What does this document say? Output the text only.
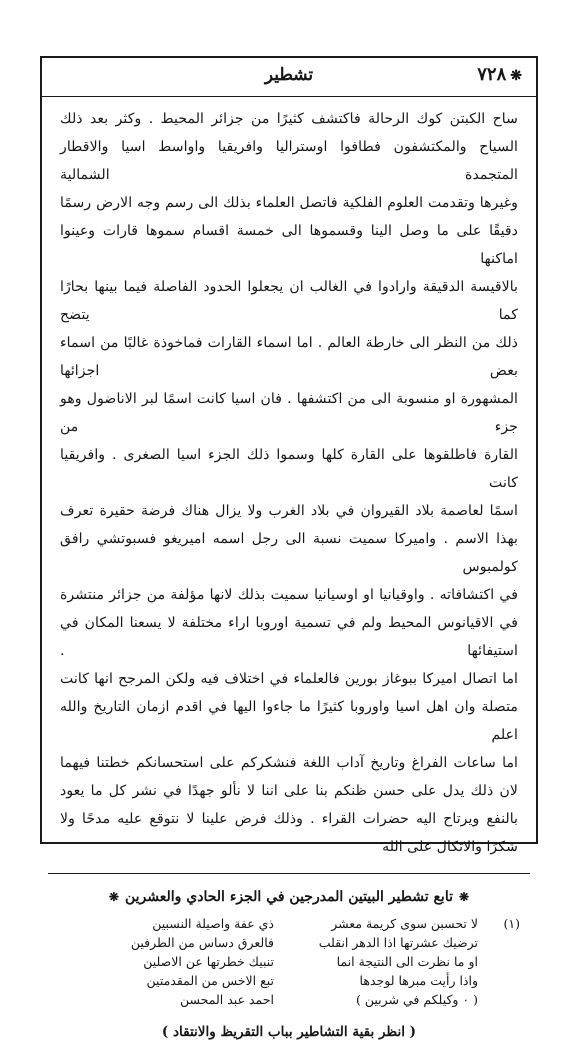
❋٧٢٨
تشطير

ساح الكبتن كوك الرحالة فاكتشف كثيرًا من جزائر المحيط . وكثر بعد ذلك

السياح والمكتشفون فطافوا اوستراليا وافريقيا واواسط اسيا والاقطار المتجمدة الشمالية

وغيرها وتقدمت العلوم الفلكية فاتصل العلماء بذلك الى رسم وجه الارض رسمًا

دقيقًا على ما وصل الينا وقسموها الى خمسة اقسام سموها قارات وعينوا اماكنها

بالاقيسة الدقيقة وارادوا في الغالب ان يجعلوا الحدود الفاصلة فيما بينها بحارًا كما يتضح

ذلك من النظر الى خارطة العالم . اما اسماء القارات فماخوذة غالبًا من اسماء بعض اجزائها

المشهورة او منسوبة الى من اكتشفها . فان اسيا كانت اسمًا لبر الاناضول وهو جزء من

القارة فاطلقوها على القارة كلها وسموا ذلك الجزء اسيا الصغرى . وافريقيا كانت

اسمًا لعاصمة بلاد القيروان في بلاد الغرب ولا يزال هناك فرضة حقيرة تعرف

بهذا الاسم . واميركا سميت نسبة الى رجل اسمه اميريغو فسبوتشي رافق كولمبوس

في اكتشافاته . واوقيانيا او اوسيانيا سميت بذلك لانها مؤلفة من جزائر منتشرة

في الاقيانوس المحيط ولم في تسمية اوروبا اراء مختلفة لا يسعنا المكان في استيفائها .

اما اتصال اميركا ببوغاز بورين فالعلماء في اختلاف فيه ولكن المرجح انها كانت

متصلة وان اهل اسيا واوروبا كثيرًا ما جاءوا اليها في اقدم ازمان التاريخ والله اعلم

اما ساعات الفراغ وتاريخ آداب اللغة فنشكركم على استحسانكم خطتنا فيهما

لان ذلك يدل على حسن ظنكم بنا على اننا لا نألو جهدًا في نشر كل ما يعود

بالنفع ويرتاح اليه حضرات القراء . وذلك فرض علينا لا نتوقع عليه مدحًا ولا

شكرًا والاتكال على الله

❋تابع تشطير البيتين المدرجين في الجزء الحادي والعشرين❋
(١)
لا تحسبن سوى كريمة معشر
ترضيك عشرتها اذا الدهر انقلب
او ما نظرت الى النتيجة انما
واذا رأيت مبرها لوجدها
( ٠ وكيلكم في شربين )
ذي عفة واصيلة النسبين
فالعرق دساس من الطرفين
تنبيك خطرتها عن الاصلين
تبع الاخس من المقدمتين
احمد عبد المحسن
( انظر بقية التشاطير بباب التقريظ والانتقاد )
